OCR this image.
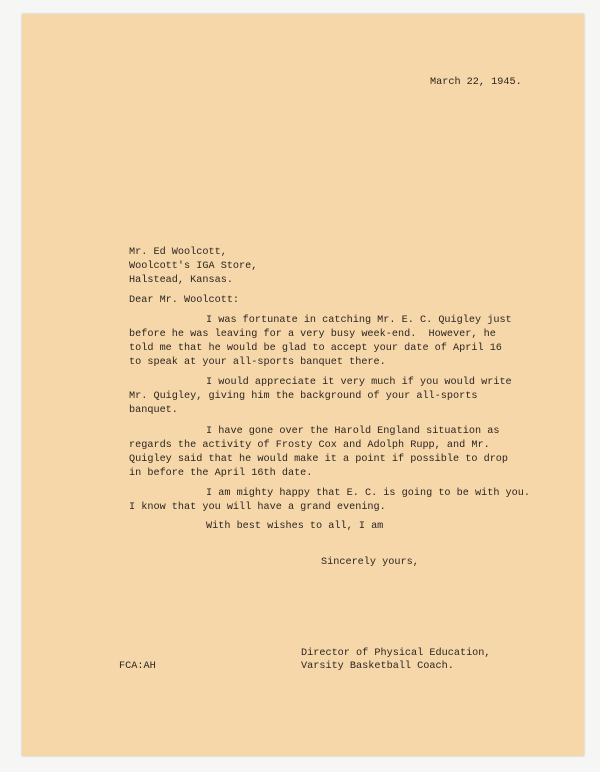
March 22, 1945.
Mr. Ed Woolcott,
Woolcott's IGA Store,
Halstead, Kansas.
Dear Mr. Woolcott:
I was fortunate in catching Mr. E. C. Quigley just
before he was leaving for a very busy week-end.  However, he
told me that he would be glad to accept your date of April 16
to speak at your all-sports banquet there.
I would appreciate it very much if you would write
Mr. Quigley, giving him the background of your all-sports
banquet.
I have gone over the Harold England situation as
regards the activity of Frosty Cox and Adolph Rupp, and Mr.
Quigley said that he would make it a point if possible to drop
in before the April 16th date.
I am mighty happy that E. C. is going to be with you.
I know that you will have a grand evening.
With best wishes to all, I am
Sincerely yours,
Director of Physical Education,
Varsity Basketball Coach.
FCA:AH
